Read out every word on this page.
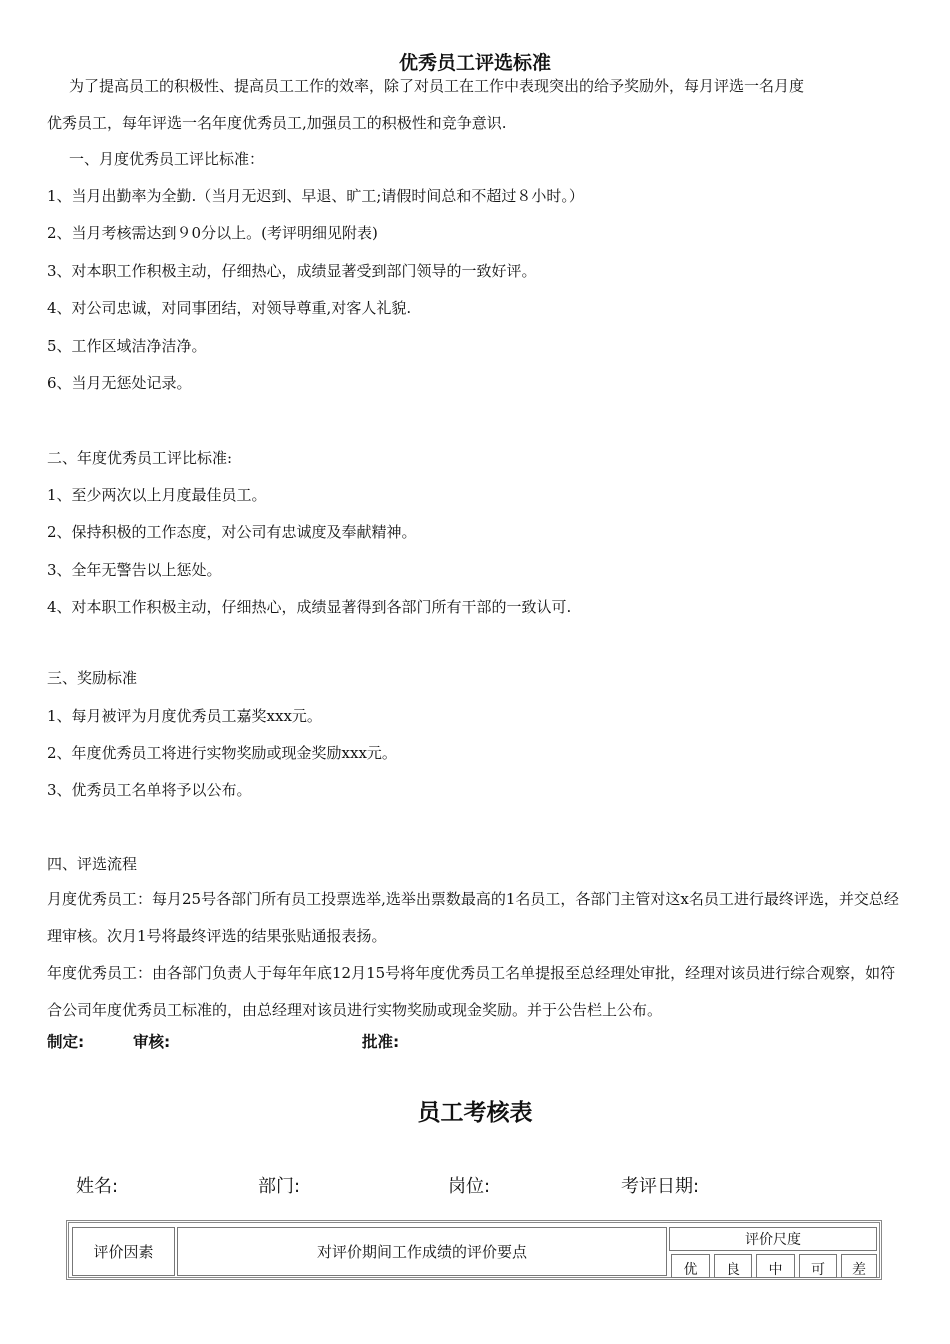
优秀员工评选标准
为了提高员工的积极性、提高员工工作的效率，除了对员工在工作中表现突出的给予奖励外，每月评选一名月度
优秀员工，每年评选一名年度优秀员工,加强员工的积极性和竞争意识.
一、月度优秀员工评比标准：
1、当月出勤率为全勤.（当月无迟到、早退、旷工;请假时间总和不超过８小时。）
2、当月考核需达到９0分以上。(考评明细见附表)
3、对本职工作积极主动，仔细热心，成绩显著受到部门领导的一致好评。
4、对公司忠诚，对同事团结，对领导尊重,对客人礼貌.
5、工作区域洁净洁净。
6、当月无惩处记录。
二、年度优秀员工评比标准:
1、至少两次以上月度最佳员工。
2、保持积极的工作态度，对公司有忠诚度及奉献精神。
3、全年无警告以上惩处。
4、对本职工作积极主动，仔细热心，成绩显著得到各部门所有干部的一致认可.
三、奖励标准
1、每月被评为月度优秀员工嘉奖xxx元。
2、年度优秀员工将进行实物奖励或现金奖励xxx元。
3、优秀员工名单将予以公布。
四、评选流程
月度优秀员工：每月25号各部门所有员工投票选举,选举出票数最高的1名员工，各部门主管对这x名员工进行最终评选，并交总经理审核。次月1号将最终评选的结果张贴通报表扬。
年度优秀员工：由各部门负责人于每年年底12月15号将年度优秀员工名单提报至总经理处审批，经理对该员进行综合观察，如符合公司年度优秀员工标准的，由总经理对该员进行实物奖励或现金奖励。并于公告栏上公布。
制定:	审核:	批准:
员工考核表
姓名:	部门:	岗位:	考评日期:
评价因素	对评价期间工作成绩的评价要点
评价尺度
优 良 中 可 差
